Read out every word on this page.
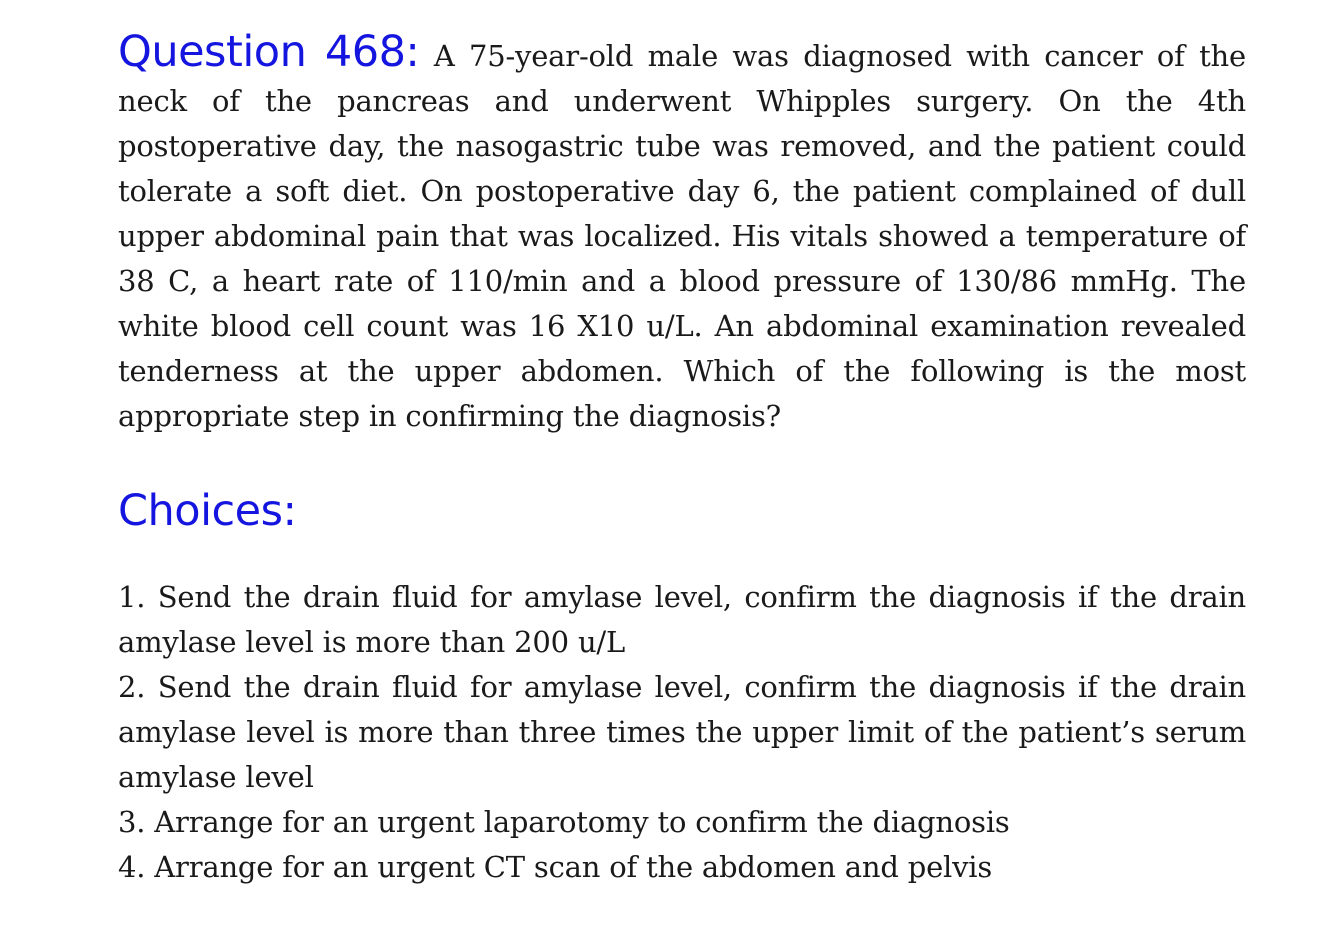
Question 468: A 75-year-old male was diagnosed with cancer of the neck of the pancreas and underwent Whipples surgery. On the 4th postoperative day, the nasogastric tube was removed, and the patient could tolerate a soft diet. On postoperative day 6, the patient complained of dull upper abdominal pain that was localized. His vitals showed a temperature of 38 C, a heart rate of 110/min and a blood pressure of 130/86 mmHg. The white blood cell count was 16 X10 u/L. An abdominal examination revealed tenderness at the upper abdomen. Which of the following is the most appropriate step in confirming the diagnosis?

Choices:
1. Send the drain fluid for amylase level, confirm the diagnosis if the drain amylase level is more than 200 u/L
2. Send the drain fluid for amylase level, confirm the diagnosis if the drain amylase level is more than three times the upper limit of the patient’s serum amylase level
3. Arrange for an urgent laparotomy to confirm the diagnosis
4. Arrange for an urgent CT scan of the abdomen and pelvis
